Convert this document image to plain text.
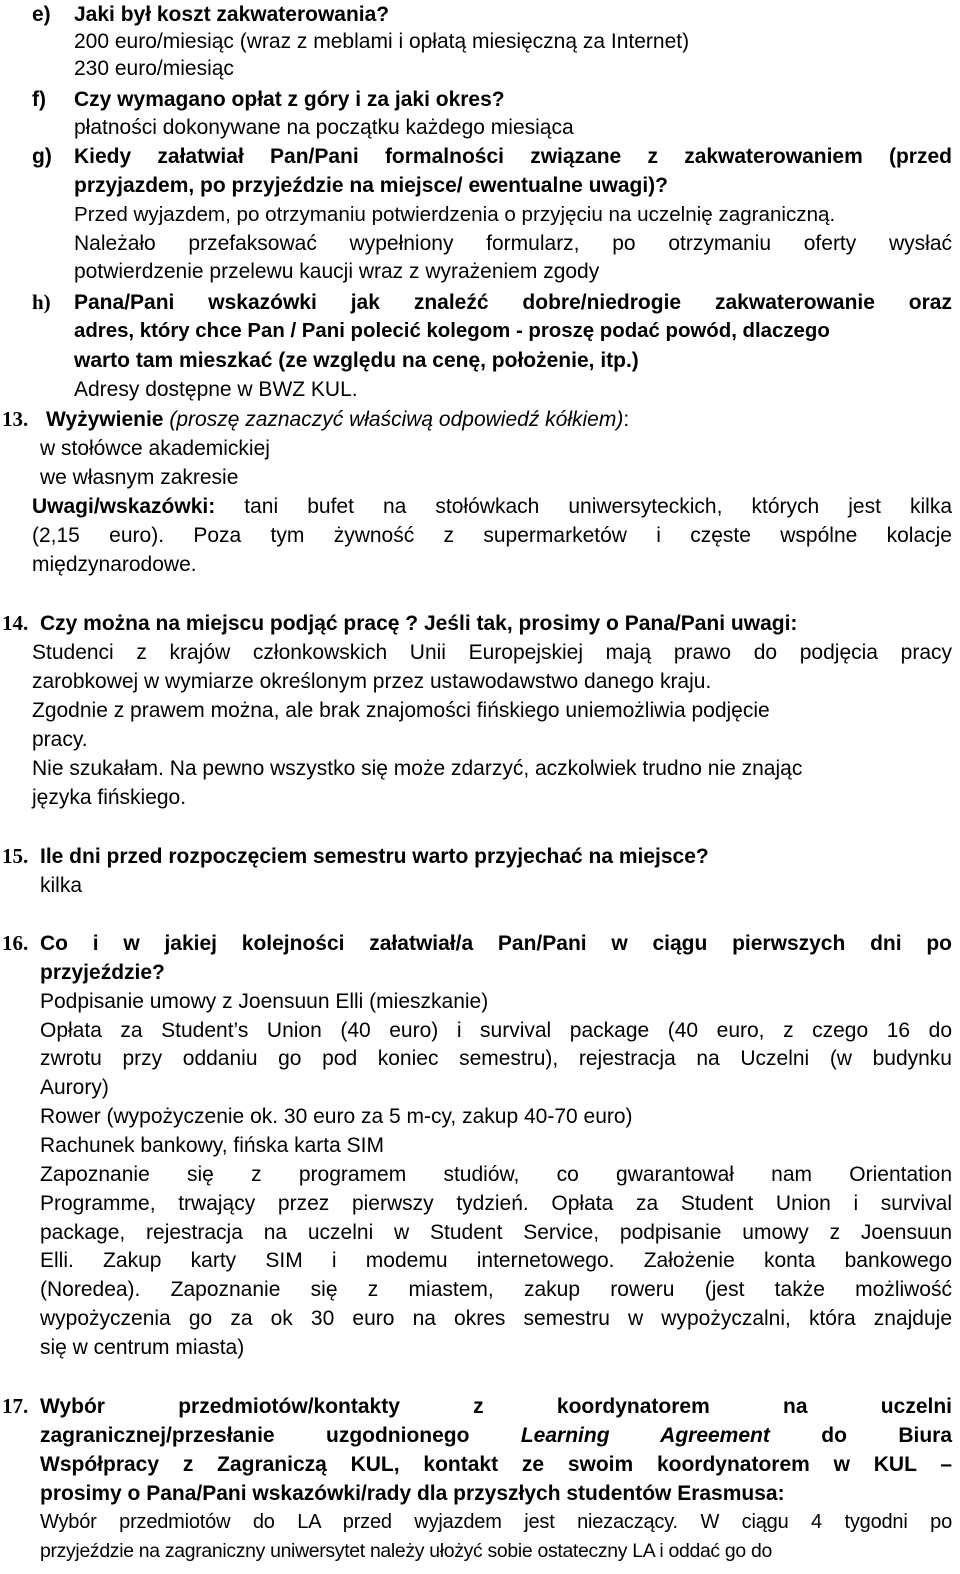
e) Jaki był koszt zakwaterowania?
200 euro/miesiąc (wraz z meblami i opłatą miesięczną za Internet)
230 euro/miesiąc
f) Czy wymagano opłat z góry i za jaki okres?
płatności dokonywane na początku każdego miesiąca
g) Kiedy załatwiał Pan/Pani formalności związane z zakwaterowaniem (przed
przyjazdem, po przyjeździe na miejsce/ ewentualne uwagi)?
Przed wyjazdem, po otrzymaniu potwierdzenia o przyjęciu na uczelnię zagraniczną.
Należało przefaksować wypełniony formularz, po otrzymaniu oferty wysłać
potwierdzenie przelewu kaucji wraz z wyrażeniem zgody
h) Pana/Pani wskazówki jak znaleźć dobre/niedrogie zakwaterowanie oraz
adres, który chce Pan / Pani polecić kolegom - proszę podać powód, dlaczego
warto tam mieszkać (ze względu na cenę, położenie, itp.)
Adresy dostępne w BWZ KUL.
13. Wyżywienie (proszę zaznaczyć właściwą odpowiedź kółkiem):
w stołówce akademickiej
we własnym zakresie
Uwagi/wskazówki: tani bufet na stołówkach uniwersyteckich, których jest kilka
(2,15 euro). Poza tym żywność z supermarketów i częste wspólne kolacje
międzynarodowe.
14. Czy można na miejscu podjąć pracę ? Jeśli tak, prosimy o Pana/Pani uwagi:
Studenci z krajów członkowskich Unii Europejskiej mają prawo do podjęcia pracy
zarobkowej w wymiarze określonym przez ustawodawstwo danego kraju.
Zgodnie z prawem można, ale brak znajomości fińskiego uniemożliwia podjęcie
pracy.
Nie szukałam. Na pewno wszystko się może zdarzyć, aczkolwiek trudno nie znając
języka fińskiego.
15. Ile dni przed rozpoczęciem semestru warto przyjechać na miejsce?
kilka
16. Co i w jakiej kolejności załatwiał/a Pan/Pani w ciągu pierwszych dni po
przyjeździe?
Podpisanie umowy z Joensuun Elli (mieszkanie)
Opłata za Student’s Union (40 euro) i survival package (40 euro, z czego 16 do
zwrotu przy oddaniu go pod koniec semestru), rejestracja na Uczelni (w budynku
Aurory)
Rower (wypożyczenie ok. 30 euro za 5 m-cy, zakup 40-70 euro)
Rachunek bankowy, fińska karta SIM
Zapoznanie się z programem studiów, co gwarantował nam Orientation
Programme, trwający przez pierwszy tydzień. Opłata za Student Union i survival
package, rejestracja na uczelni w Student Service, podpisanie umowy z Joensuun
Elli. Zakup karty SIM i modemu internetowego. Założenie konta bankowego
(Noredea). Zapoznanie się z miastem, zakup roweru (jest także możliwość
wypożyczenia go za ok 30 euro na okres semestru w wypożyczalni, która znajduje
się w centrum miasta)
17. Wybór przedmiotów/kontakty z koordynatorem na uczelni
zagranicznej/przesłanie uzgodnionego Learning Agreement do Biura
Współpracy z Zagraniczą KUL, kontakt ze swoim koordynatorem w KUL –
prosimy o Pana/Pani wskazówki/rady dla przyszłych studentów Erasmusa:
Wybór przedmiotów do LA przed wyjazdem jest niezaczący. W ciągu 4 tygodni po
przyjeździe na zagraniczny uniwersytet należy ułożyć sobie ostateczny LA i oddać go do
